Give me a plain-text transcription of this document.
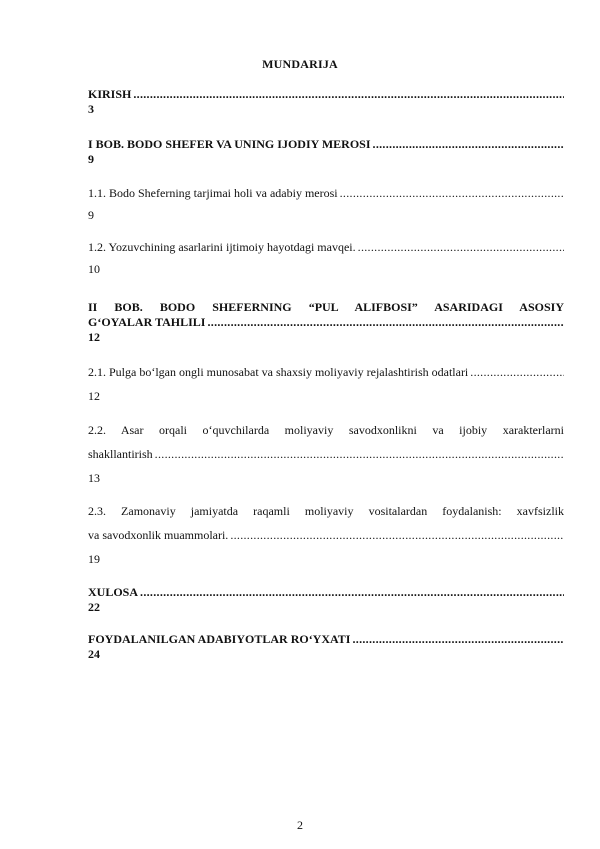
MUNDARIJA
KIRISH
.....
3
I BOB. BODO SHEFER VA UNING IJODIY MEROSI
.....
9
1.1. Bodo Sheferning tarjimai holi va adabiy merosi
.....
9
1.2. Yozuvchining asarlarini ijtimoiy hayotdagi mavqei.
.....
10
II BOB. BODO SHEFERNING “PUL ALIFBOSI” ASARIDAGI ASOSIY
G‘OYALAR TAHLILI
.....
12
2.1. Pulga bo‘lgan ongli munosabat va shaxsiy moliyaviy rejalashtirish odatlari
.....
12
2.2. Asar orqali o‘quvchilarda moliyaviy savodxonlikni va ijobiy xarakterlarni
shakllantirish
.....
13
2.3. Zamonaviy jamiyatda raqamli moliyaviy vositalardan foydalanish: xavfsizlik
va savodxonlik muammolari.
.....
19
XULOSA
.....
22
FOYDALANILGAN ADABIYOTLAR RO‘YXATI
.....
24
2
